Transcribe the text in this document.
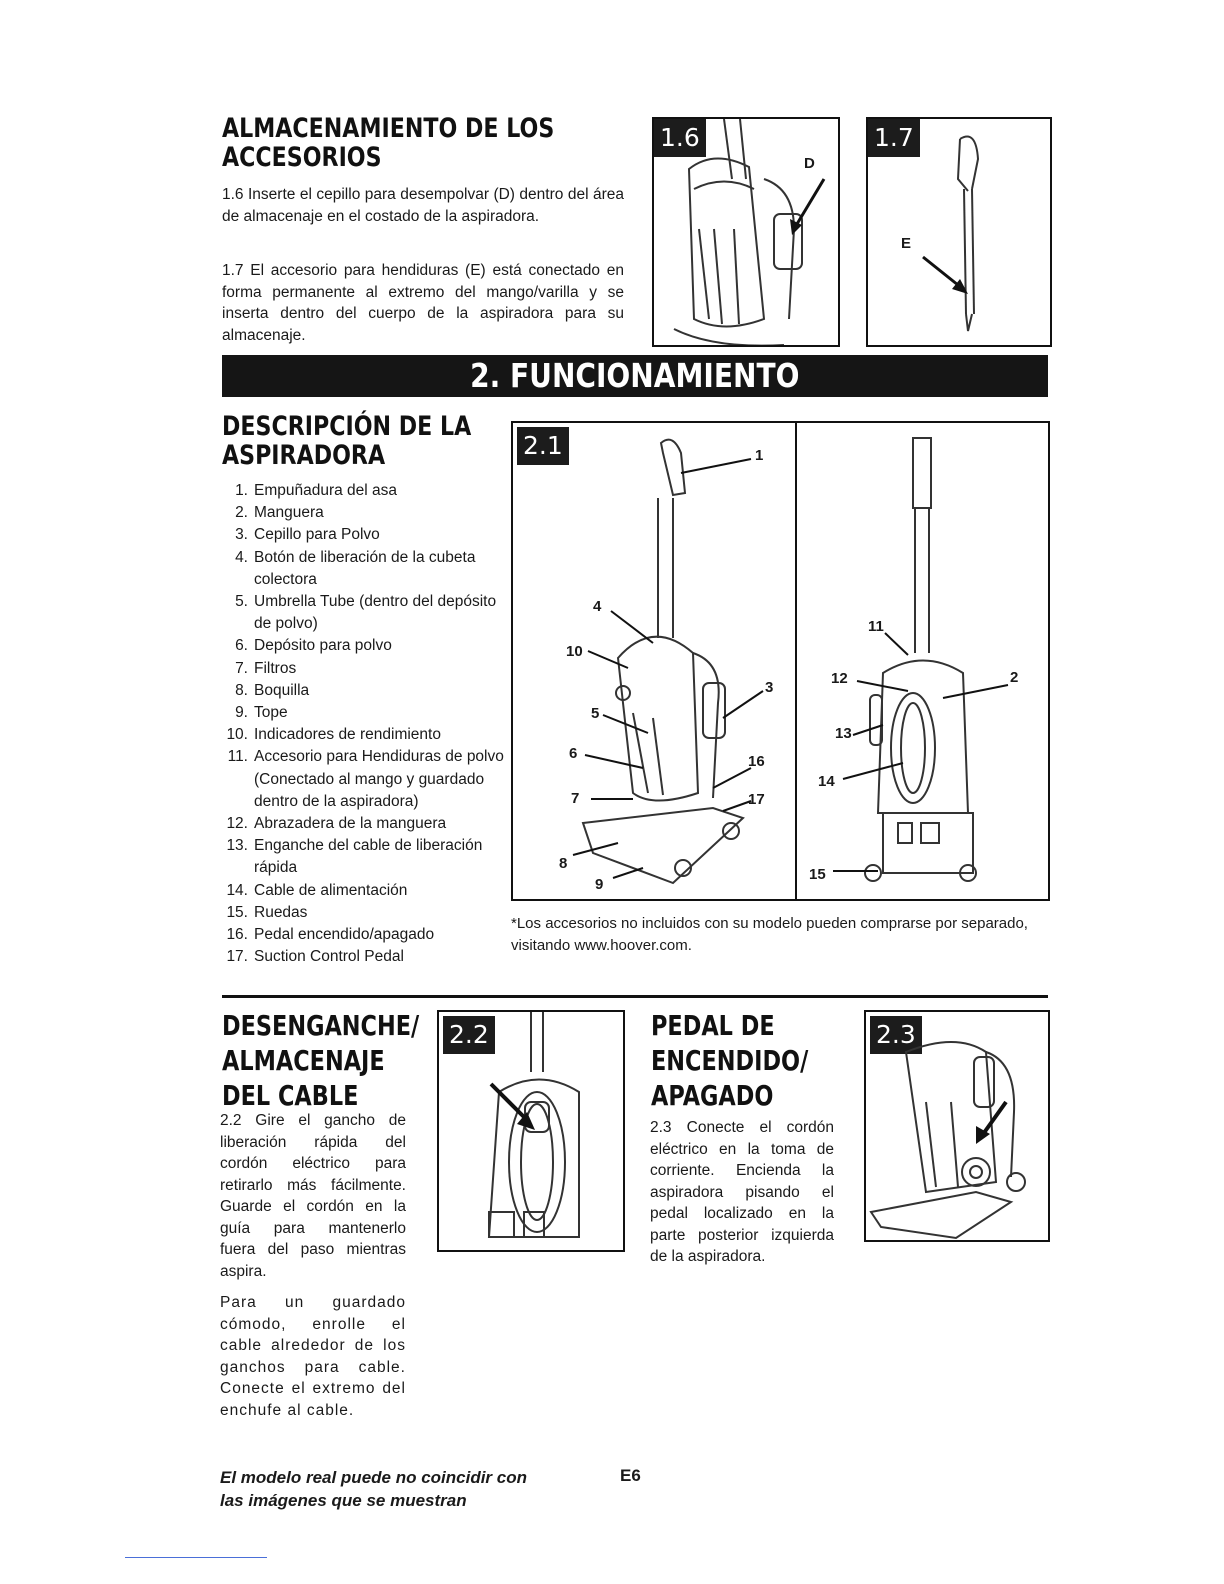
ALMACENAMIENTO DE LOS
ACCESORIOS
1.6 Inserte el cepillo para desempolvar (D) dentro del área de almacenaje en el costado de la aspiradora.
1.7 El accesorio para hendiduras (E) está conectado en forma permanente al extremo del mango/varilla y se inserta dentro del cuerpo de la aspiradora para su almacenaje.
1.6
D
1.7
E
2. FUNCIONAMIENTO
DESCRIPCIÓN DE LA
ASPIRADORA
1. Empuñadura del asa
2. Manguera
3. Cepillo para Polvo
4. Botón de liberación de la cubeta colectora
5. Umbrella Tube (dentro del depósito de polvo)
6. Depósito para polvo
7. Filtros
8. Boquilla
9. Tope
10. Indicadores de rendimiento
11. Accesorio para Hendiduras de polvo (Conectado al mango y guardado dentro de la aspiradora)
12. Abrazadera de la manguera
13. Enganche del cable de liberación rápida
14. Cable de alimentación
15. Ruedas
16. Pedal encendido/apagado
17. Suction Control Pedal
2.1	1
2
3
4
5
6
7
8
9
10
11
12
13
14
15
16
17
*Los accesorios no incluidos con su modelo pueden comprarse por separado, visitando www.hoover.com.
DESENGANCHE/
ALMACENAJE
DEL CABLE
2.2 Gire el gancho de liberación rápida del cordón eléctrico para retirarlo más fácilmente. Guarde el cordón en la guía para mantenerlo fuera del paso mientras aspira.
Para un guardado cómodo, enrolle el cable alrededor de los ganchos para cable. Conecte el extremo del enchufe al cable.
2.2	PEDAL DE
ENCENDIDO/
APAGADO
2.3 Conecte el cordón eléctrico en la toma de corriente. Encienda la aspiradora pisando el pedal localizado en la parte posterior izquierda de la aspiradora.
2.3
El modelo real puede no coincidir con
las imágenes que se muestran
E6
